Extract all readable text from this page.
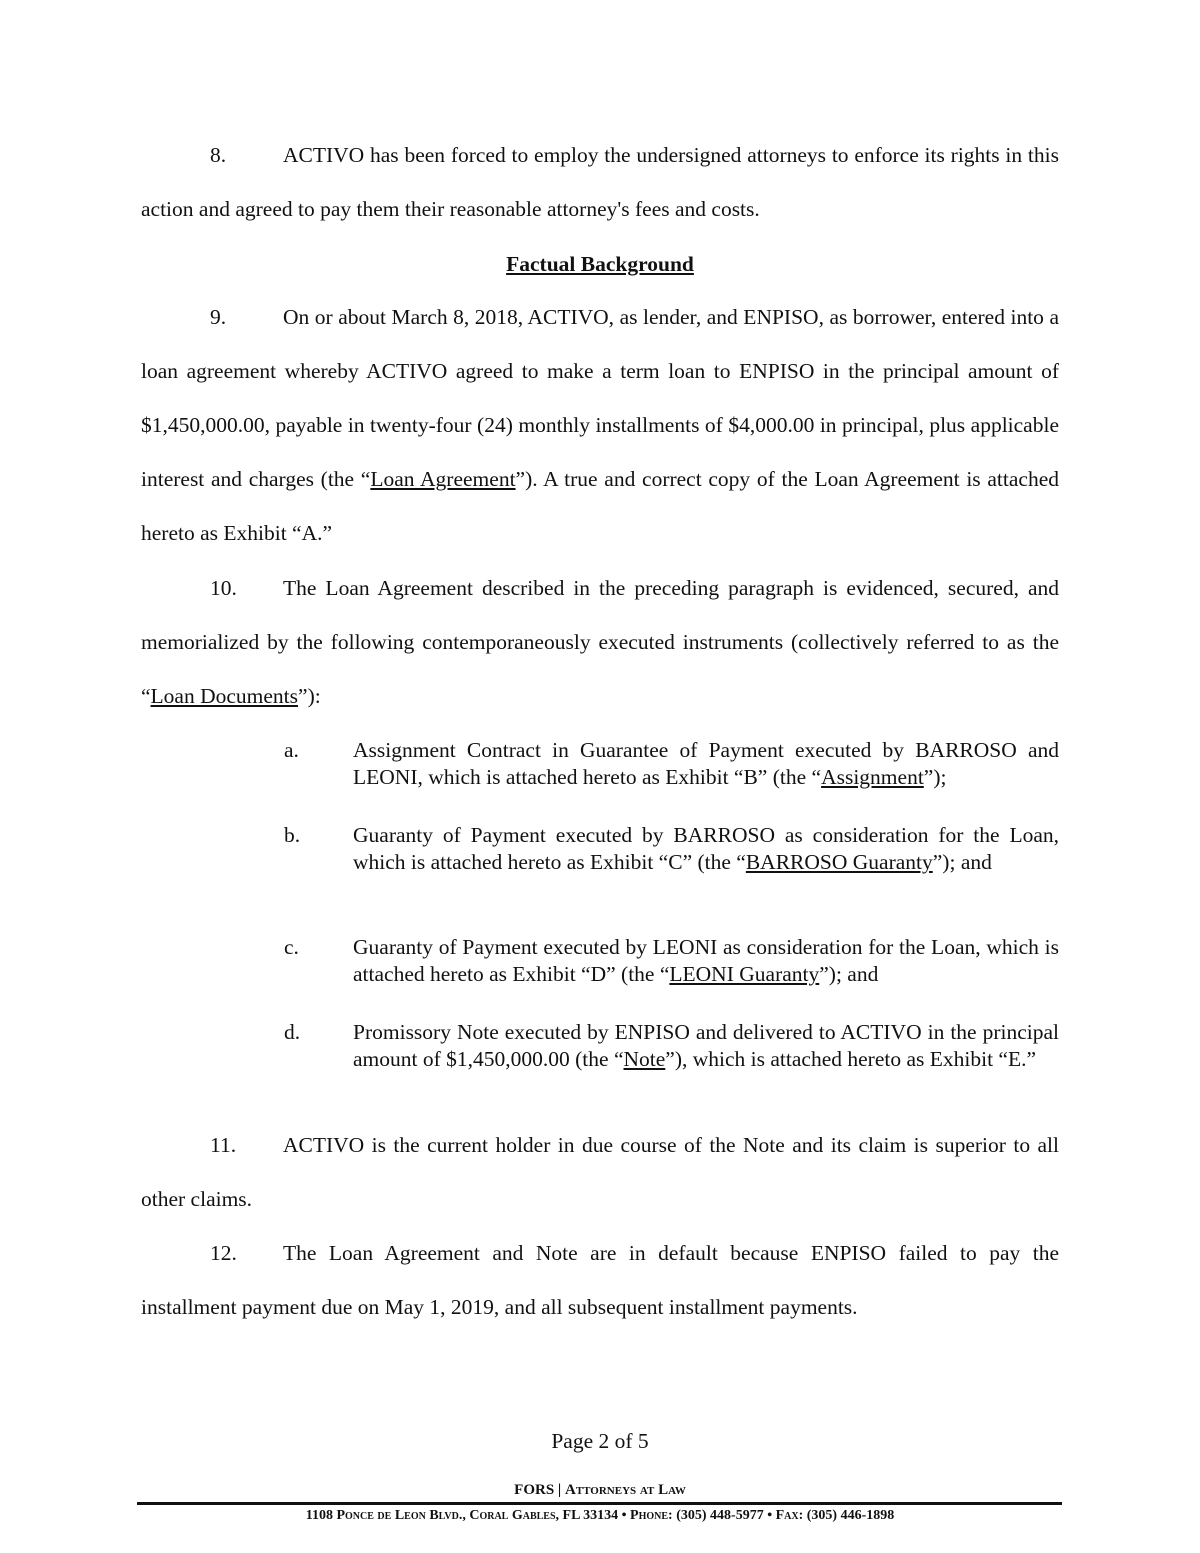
8.	ACTIVO has been forced to employ the undersigned attorneys to enforce its rights in this action and agreed to pay them their reasonable attorney's fees and costs.

Factual Background

9.	On or about March 8, 2018, ACTIVO, as lender, and ENPISO, as borrower, entered into a loan agreement whereby ACTIVO agreed to make a term loan to ENPISO in the principal amount of $1,450,000.00, payable in twenty-four (24) monthly installments of $4,000.00 in principal, plus applicable interest and charges (the “Loan Agreement”). A true and correct copy of the Loan Agreement is attached hereto as Exhibit “A.”

10. The Loan Agreement described in the preceding paragraph is evidenced, secured, and memorialized by the following contemporaneously executed instruments (collectively referred to as the “Loan Documents”):

a.	Assignment Contract in Guarantee of Payment executed by BARROSO and LEONI, which is attached hereto as Exhibit “B” (the “Assignment”);
b.	Guaranty of Payment executed by BARROSO as consideration for the Loan, which is attached hereto as Exhibit “C” (the “BARROSO Guaranty”); and
c.	Guaranty of Payment executed by LEONI as consideration for the Loan, which is attached hereto as Exhibit “D” (the “LEONI Guaranty”); and
d.	Promissory Note executed by ENPISO and delivered to ACTIVO in the principal amount of $1,450,000.00 (the “Note”), which is attached hereto as Exhibit “E.”

11. ACTIVO is the current holder in due course of the Note and its claim is superior to all other claims.

12. The Loan Agreement and Note are in default because ENPISO failed to pay the installment payment due on May 1, 2019, and all subsequent installment payments.

Page 2 of 5
FORS | Attorneys at Law
1108 Ponce de Leon Blvd., Coral Gables, FL 33134 • Phone: (305) 448-5977 • Fax: (305) 446-1898
